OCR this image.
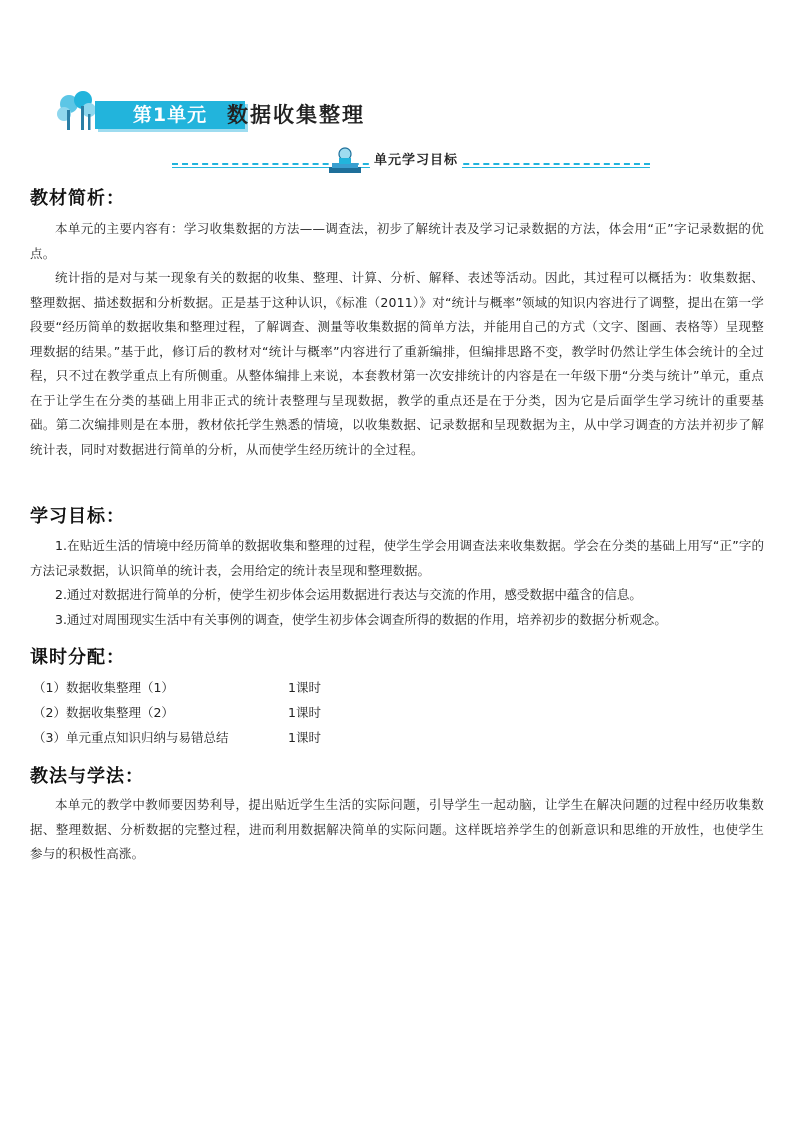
第1单元 数据收集整理
单元学习目标
教材简析：

本单元的主要内容有：学习收集数据的方法——调查法，初步了解统计表及学习记录数据的方法，体会用“正”字记录数据的优点。

统计指的是对与某一现象有关的数据的收集、整理、计算、分析、解释、表述等活动。因此，其过程可以概括为：收集数据、整理数据、描述数据和分析数据。正是基于这种认识，《标准（2011）》对“统计与概率”领域的知识内容进行了调整，提出在第一学段要“经历简单的数据收集和整理过程，了解调查、测量等收集数据的简单方法，并能用自己的方式（文字、图画、表格等）呈现整理数据的结果。”基于此，修订后的教材对“统计与概率”内容进行了重新编排，但编排思路不变，教学时仍然让学生体会统计的全过程，只不过在教学重点上有所侧重。从整体编排上来说，本套教材第一次安排统计的内容是在一年级下册“分类与统计”单元，重点在于让学生在分类的基础上用非正式的统计表整理与呈现数据，教学的重点还是在于分类，因为它是后面学生学习统计的重要基础。第二次编排则是在本册，教材依托学生熟悉的情境，以收集数据、记录数据和呈现数据为主，从中学习调查的方法并初步了解统计表，同时对数据进行简单的分析，从而使学生经历统计的全过程。

学习目标：

1.在贴近生活的情境中经历简单的数据收集和整理的过程，使学生学会用调查法来收集数据。学会在分类的基础上用写“正”字的方法记录数据，认识简单的统计表，会用给定的统计表呈现和整理数据。

2.通过对数据进行简单的分析，使学生初步体会运用数据进行表达与交流的作用，感受数据中蕴含的信息。

3.通过对周围现实生活中有关事例的调查，使学生初步体会调查所得的数据的作用，培养初步的数据分析观念。

课时分配：
（1）数据收集整理（1）	1课时
（2）数据收集整理（2）	1课时
（3）单元重点知识归纳与易错总结	1课时
教法与学法：

本单元的教学中教师要因势利导，提出贴近学生生活的实际问题，引导学生一起动脑，让学生在解决问题的过程中经历收集数据、整理数据、分析数据的完整过程，进而利用数据解决简单的实际问题。这样既培养学生的创新意识和思维的开放性，也使学生参与的积极性高涨。
